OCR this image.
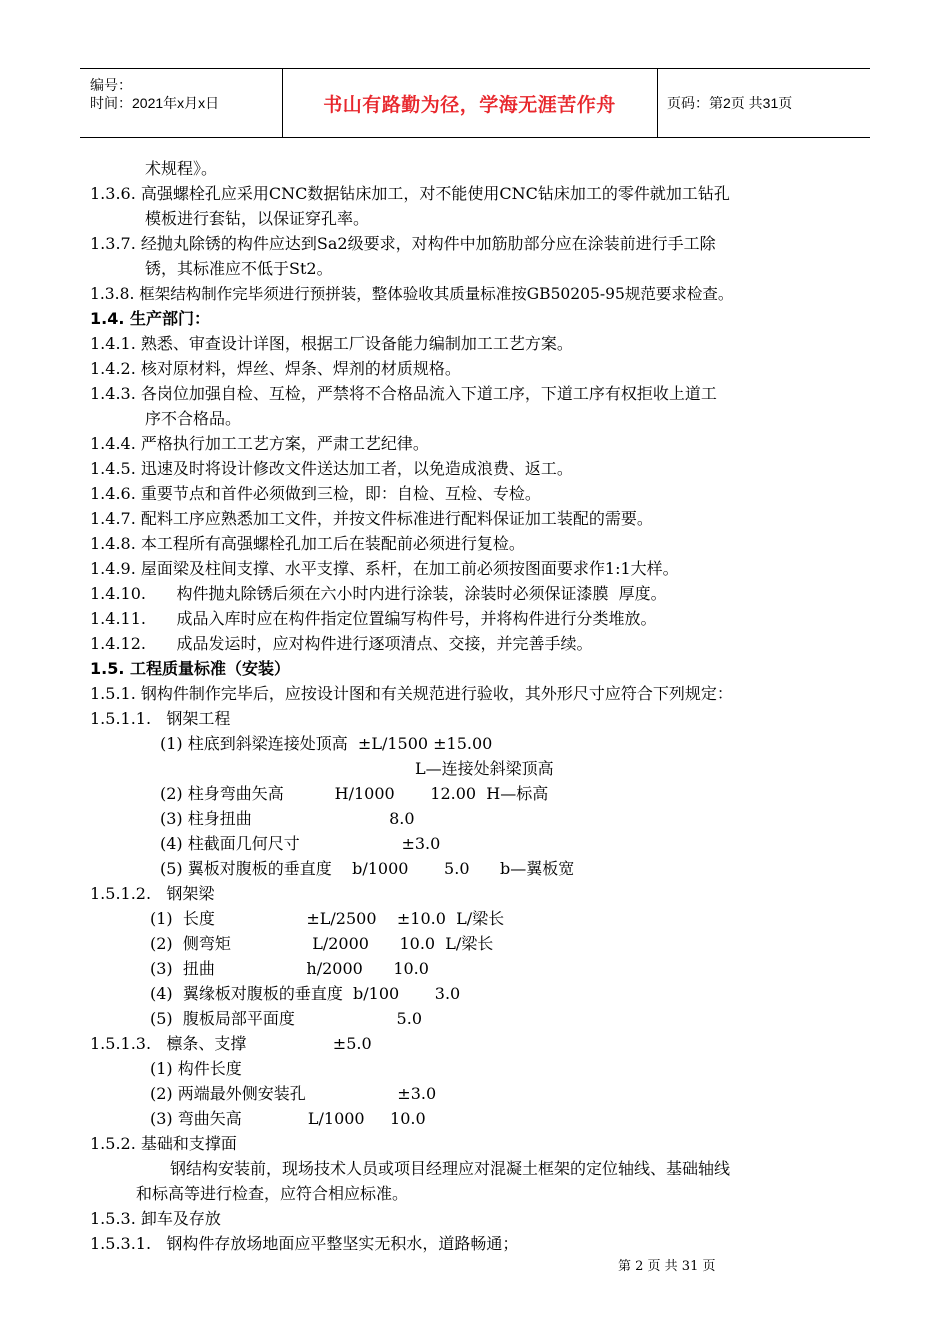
编号：
时间：2021年x月x日	书山有路勤为径，学海无涯苦作舟	页码：第2页 共31页
术规程》。
1.3.6. 高强螺栓孔应采用CNC数据钻床加工，对不能使用CNC钻床加工的零件就加工钻孔
模板进行套钻，以保证穿孔率。
1.3.7. 经抛丸除锈的构件应达到Sa2级要求，对构件中加筋肋部分应在涂装前进行手工除
锈，其标准应不低于St2。
1.3.8. 框架结构制作完毕须进行预拼装，整体验收其质量标准按GB50205-95规范要求检查。
1.4. 生产部门：
1.4.1. 熟悉、审查设计详图，根据工厂设备能力编制加工工艺方案。
1.4.2. 核对原材料，焊丝、焊条、焊剂的材质规格。
1.4.3. 各岗位加强自检、互检，严禁将不合格品流入下道工序，下道工序有权拒收上道工
序不合格品。
1.4.4. 严格执行加工工艺方案，严肃工艺纪律。
1.4.5. 迅速及时将设计修改文件送达加工者，以免造成浪费、返工。
1.4.6. 重要节点和首件必须做到三检，即：自检、互检、专检。
1.4.7. 配料工序应熟悉加工文件，并按文件标准进行配料保证加工装配的需要。
1.4.8. 本工程所有高强螺栓孔加工后在装配前必须进行复检。
1.4.9. 屋面梁及柱间支撑、水平支撑、系杆，在加工前必须按图面要求作1:1大样。
1.4.10.      构件抛丸除锈后须在六小时内进行涂装，涂装时必须保证漆膜  厚度。
1.4.11.      成品入库时应在构件指定位置编写构件号，并将构件进行分类堆放。
1.4.12.      成品发运时，应对构件进行逐项清点、交接，并完善手续。
1.5. 工程质量标准（安装）
1.5.1. 钢构件制作完毕后，应按设计图和有关规范进行验收，其外形尺寸应符合下列规定：
1.5.1.1.   钢架工程
(1) 柱底到斜梁连接处顶高  ±L/1500 ±15.00
L—连接处斜梁顶高
(2) 柱身弯曲矢高          H/1000       12.00  H—标高
(3) 柱身扭曲                           8.0
(4) 柱截面几何尺寸                    ±3.0
(5) 翼板对腹板的垂直度    b/1000       5.0      b—翼板宽
1.5.1.2.   钢架梁
(1)  长度                  ±L/2500    ±10.0  L/梁长
(2)  侧弯矩                L/2000      10.0  L/梁长
(3)  扭曲                  h/2000      10.0
(4)  翼缘板对腹板的垂直度  b/100       3.0
(5)  腹板局部平面度                    5.0
1.5.1.3.   檩条、支撑                 ±5.0
(1) 构件长度
(2) 两端最外侧安装孔                  ±3.0
(3) 弯曲矢高             L/1000     10.0
1.5.2. 基础和支撑面
钢结构安装前，现场技术人员或项目经理应对混凝土框架的定位轴线、基础轴线
和标高等进行检查，应符合相应标准。
1.5.3. 卸车及存放
1.5.3.1.   钢构件存放场地面应平整坚实无积水，道路畅通；
第 2 页 共 31 页
